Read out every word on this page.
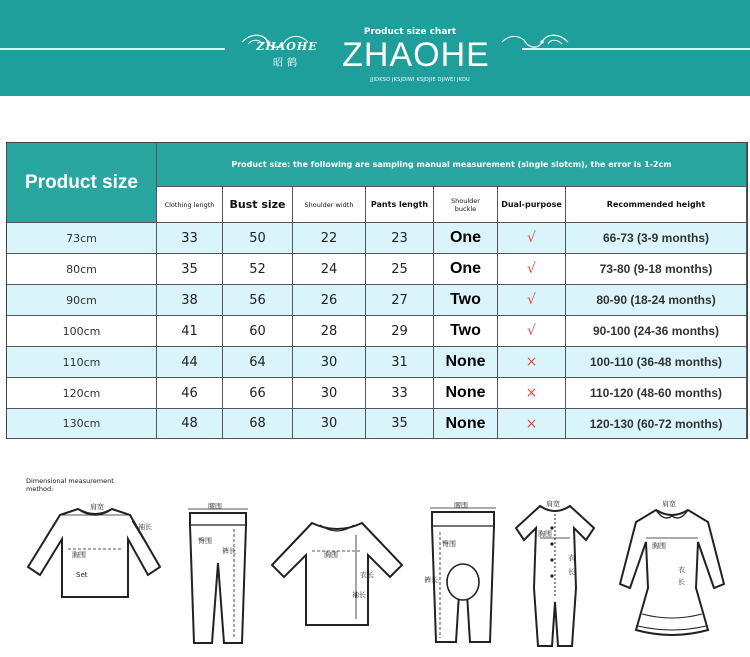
ZHAOHE
昭鹤
Product size chart
ZHAOHE
JJIDKSO JKSJDIWI KSJDJIE DJIWEI JKOU
Product size
Product size: the following are sampling manual measurement (single slotcm), the error is 1-2cm
Clothing length	Bust size	Shoulder width	Pants length	Shoulder buckle	Dual-purpose	Recommended height
73cm	33	50	22	23	One	√	66-73 (3-9 months)
80cm	35	52	24	25	One	√	73-80 (9-18 months)
90cm	38	56	26	27	Two	√	80-90 (18-24 months)
100cm	41	60	28	29	Two	√	90-100 (24-36 months)
110cm	44	64	30	31	None	×	100-110 (36-48 months)
120cm	46	66	30	33	None	×	110-120 (48-60 months)
130cm	48	68	30	35	None	×	120-130 (60-72 months)
Dimensional measurement method:
肩宽
袖长
胸围
Set
腰围
臀围
裤长	胸围
衣长
袖长
腰围
臀围
裤长
肩宽
胸围
衣
长
肩宽
胸围
衣
长
